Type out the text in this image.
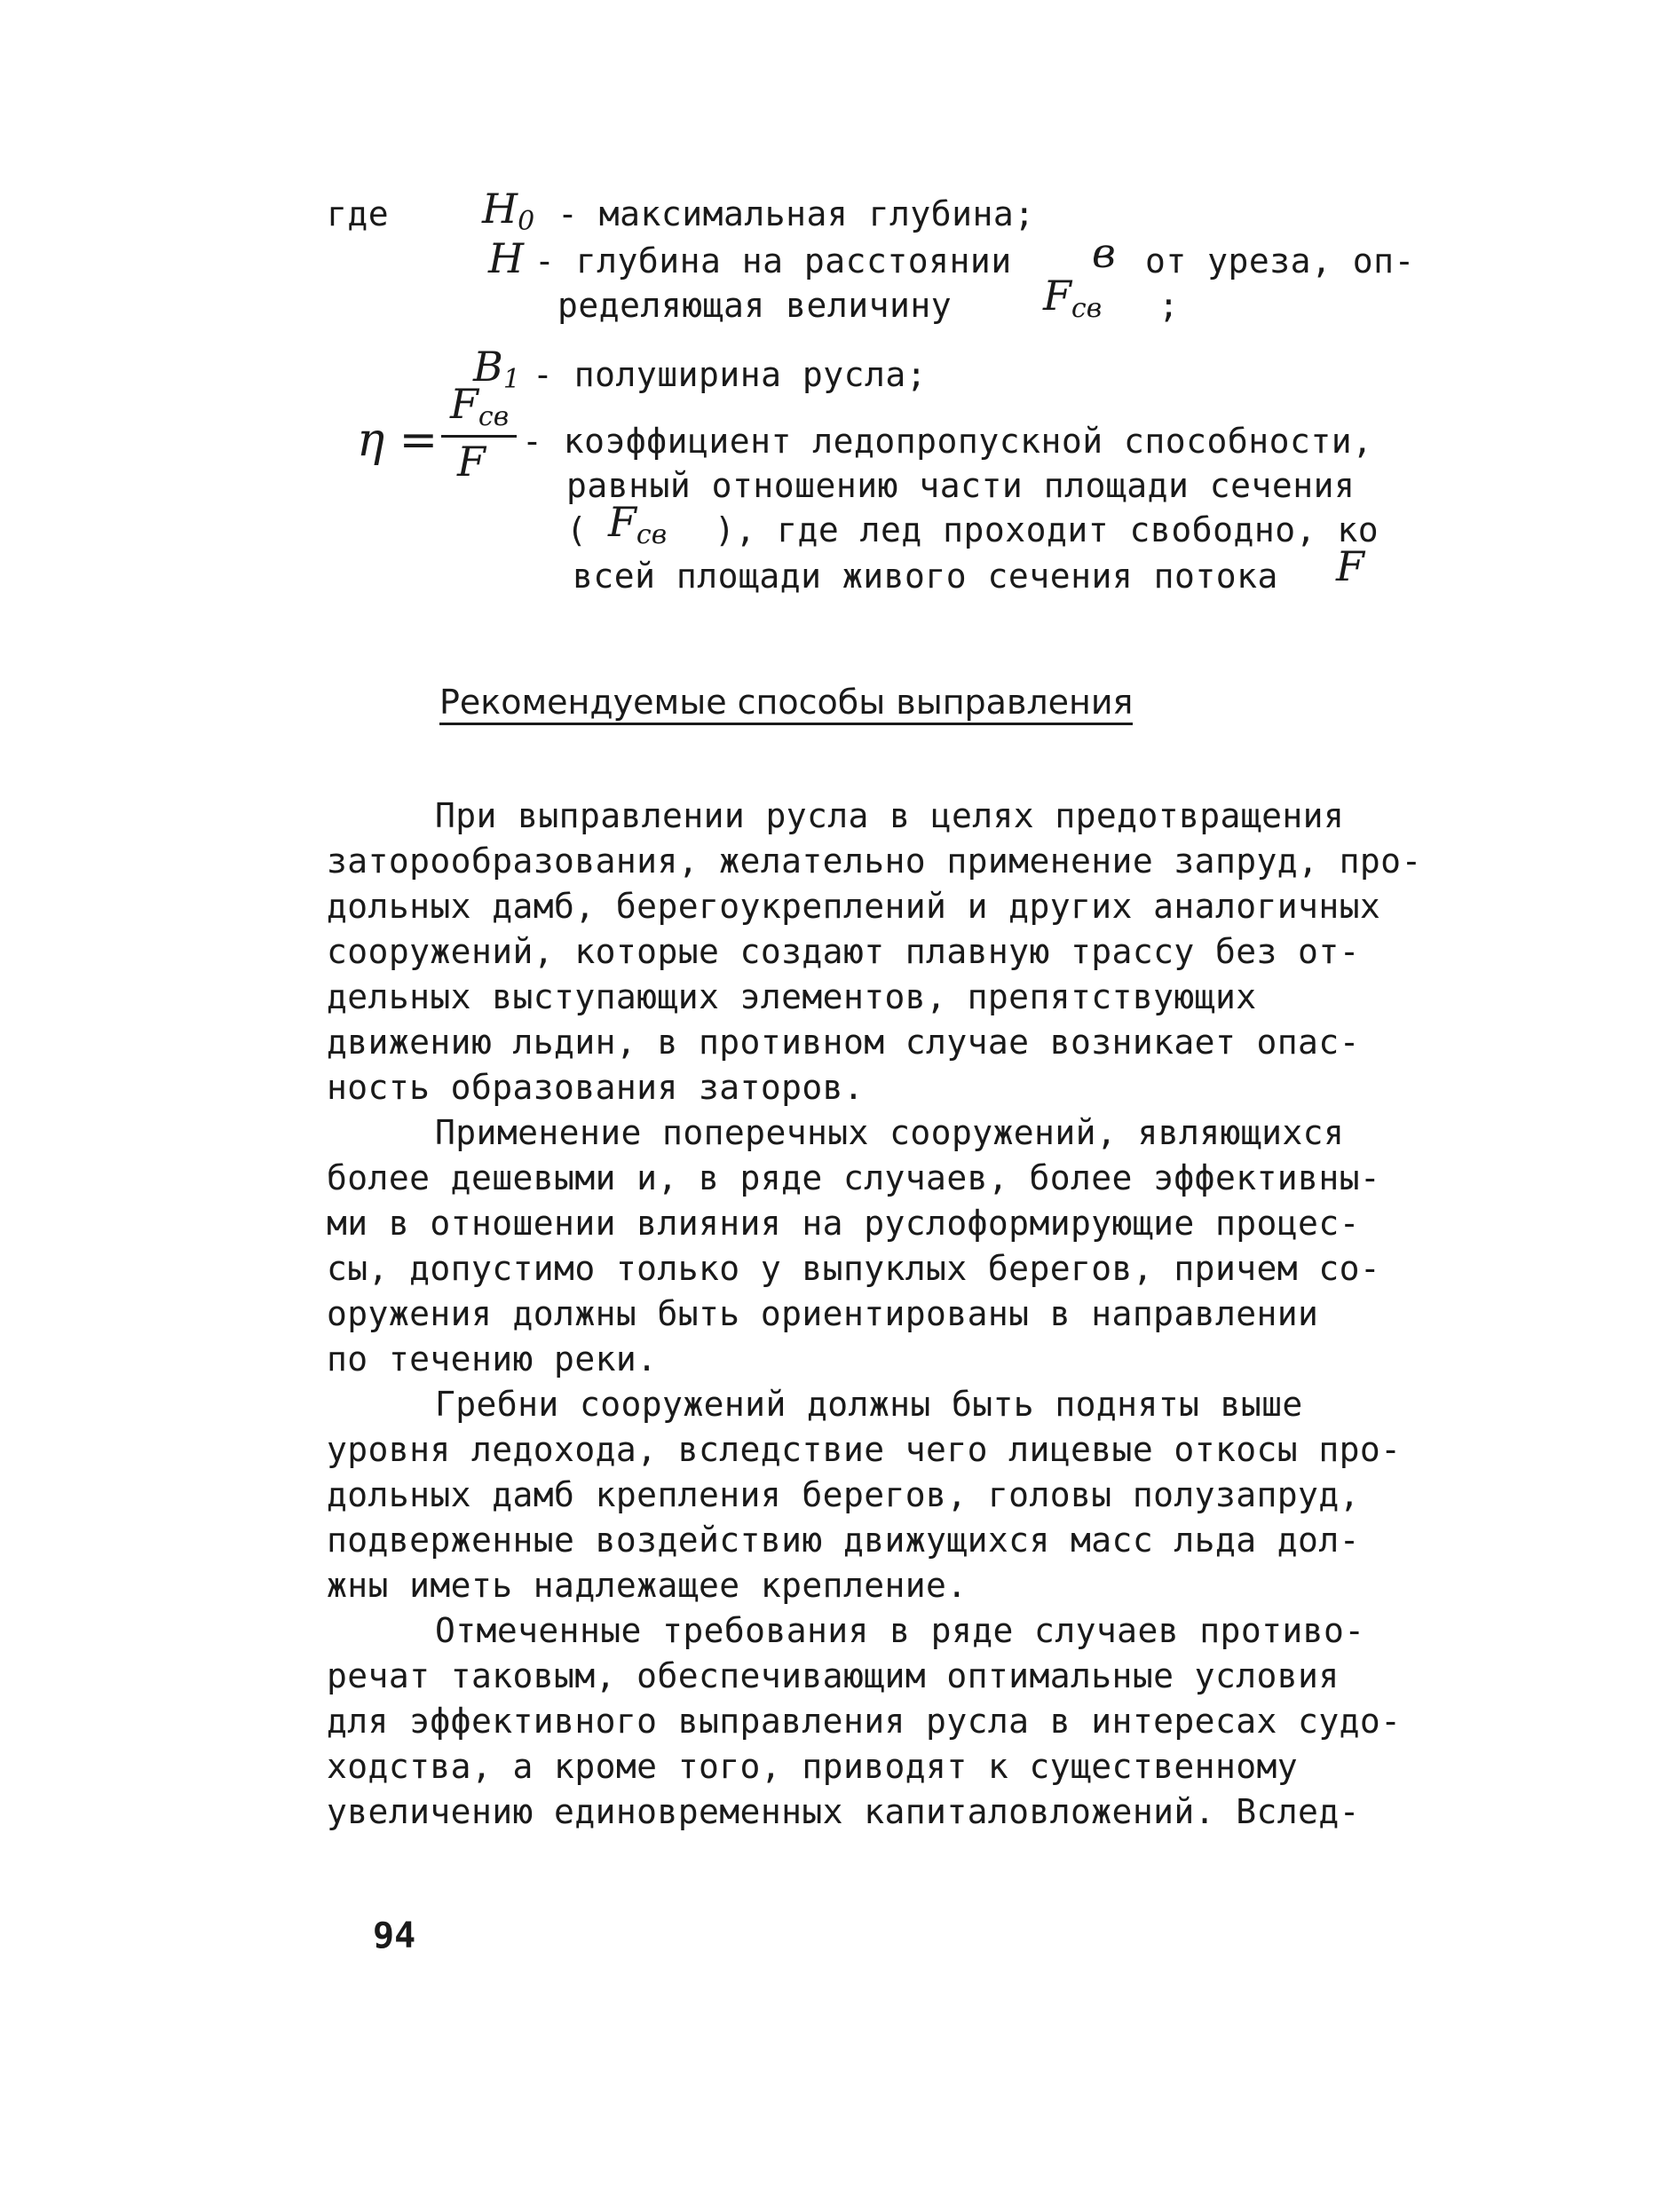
где $H_0$ - максимальная глубина;
H - глубина на расстоянии в от уреза, оп-
ределяющая величину $F_{св}$ ;
$B_1$ - полуширина русла;
η =
$F_{св}$
F - коэффициент ледопропускной способности,
равный отношению части площади сечения
( $F_{св}$ ), где лед проходит свободно, ко
всей площади живого сечения потока F
Рекомендуемые способы выправления
При выправлении русла в целях предотвращения
заторообразования, желательно применение запруд, про-
дольных дамб, берегоукреплений и других аналогичных
сооружений, которые создают плавную трассу без от-
дельных выступающих элементов, препятствующих
движению льдин, в противном случае возникает опас-
ность образования заторов.
Применение поперечных сооружений, являющихся
более дешевыми и, в ряде случаев, более эффективны-
ми в отношении влияния на руслоформирующие процес-
сы, допустимо только у выпуклых берегов, причем со-
оружения должны быть ориентированы в направлении
по течению реки.
Гребни сооружений должны быть подняты выше
уровня ледохода, вследствие чего лицевые откосы про-
дольных дамб крепления берегов, головы полузапруд,
подверженные воздействию движущихся масс льда дол-
жны иметь надлежащее крепление.
Отмеченные требования в ряде случаев противо-
речат таковым, обеспечивающим оптимальные условия
для эффективного выправления русла в интересах судо-
ходства, а кроме того, приводят к существенному
увеличению единовременных капиталовложений. Вслед-
94
